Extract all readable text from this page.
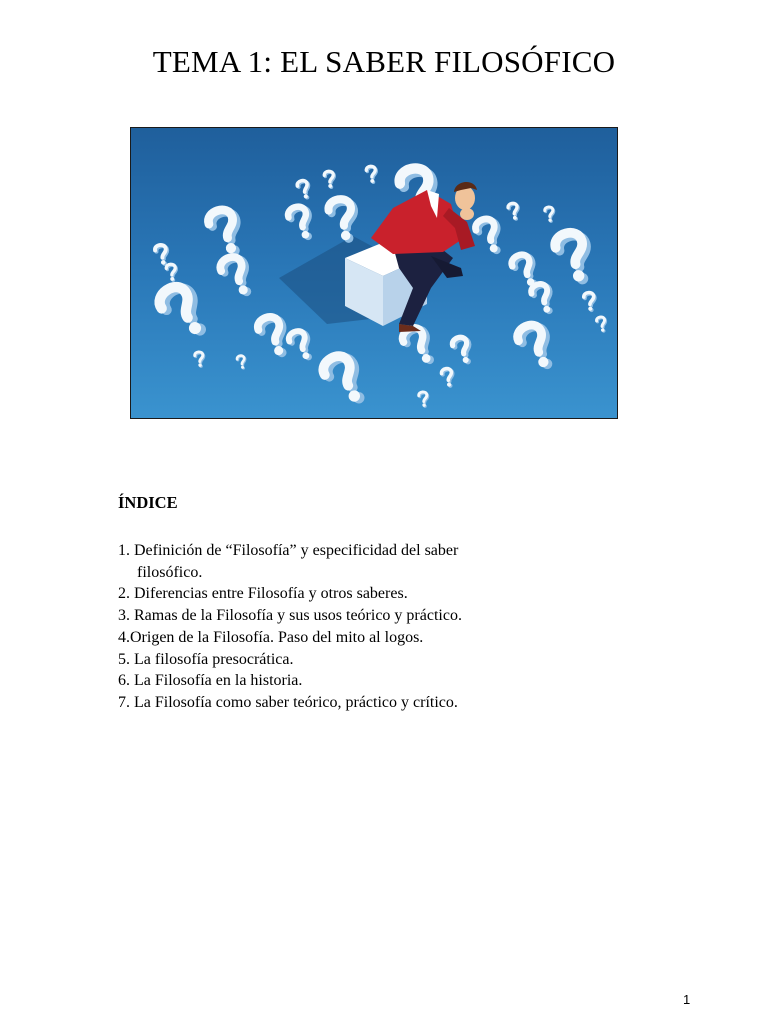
TEMA 1: EL SABER FILOSÓFICO
ÍNDICE
1. Definición de “Filosofía” y especificidad del saber
filosófico.
2. Diferencias entre Filosofía y otros saberes.
3. Ramas de la Filosofía y sus usos teórico y práctico.
4.Origen de la Filosofía. Paso del mito al logos.
5. La filosofía presocrática.
6. La Filosofía en la historia.
7. La Filosofía como saber teórico, práctico y crítico.
1
